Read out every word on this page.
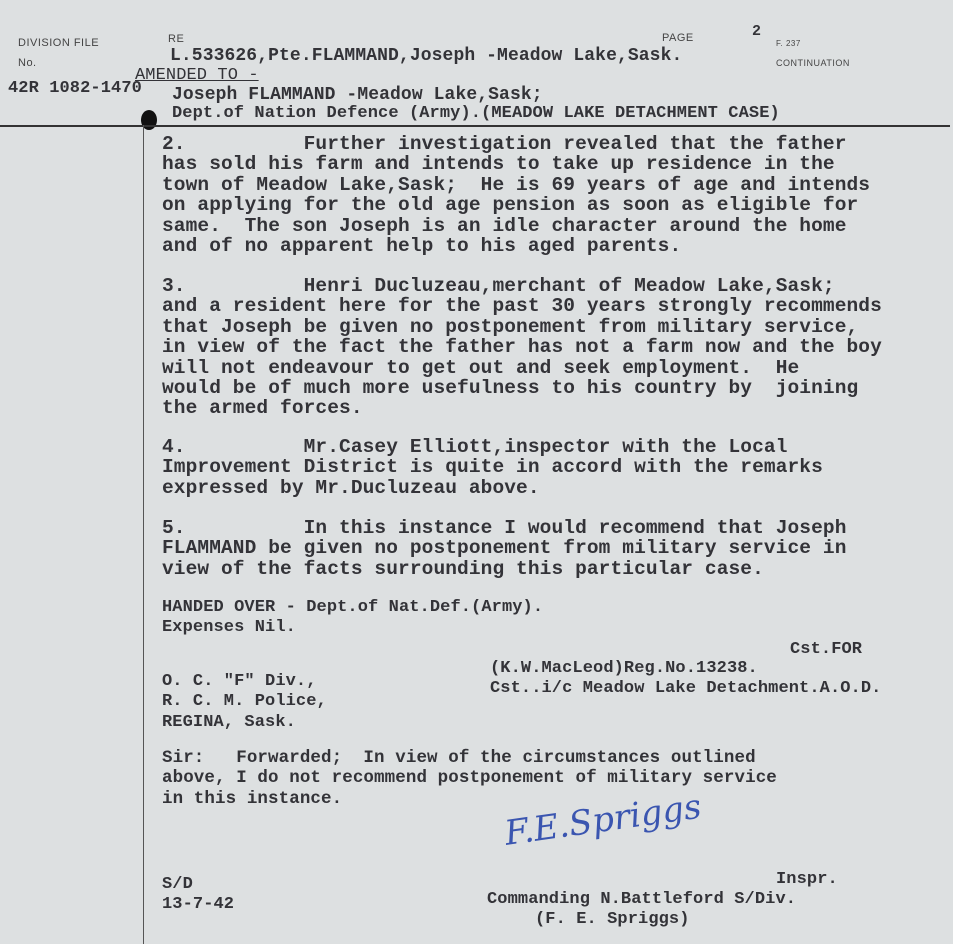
DIVISION FILE
No.
RE	PAGE	2
F. 237
CONTINUATION
L.533626,Pte.FLAMMAND,Joseph -Meadow Lake,Sask.
AMENDED TO -
42R 1082-1470 Joseph FLAMMAND -Meadow Lake,Sask;
Dept.of Nation Defence (Army).(MEADOW LAKE DETACHMENT CASE)
2.          Further investigation revealed that the father
has sold his farm and intends to take up residence in the
town of Meadow Lake,Sask;  He is 69 years of age and intends
on applying for the old age pension as soon as eligible for
same.  The son Joseph is an idle character around the home
and of no apparent help to his aged parents.
3.          Henri Ducluzeau,merchant of Meadow Lake,Sask;
and a resident here for the past 30 years strongly recommends
that Joseph be given no postponement from military service,
in view of the fact the father has not a farm now and the boy
will not endeavour to get out and seek employment.  He
would be of much more usefulness to his country by  joining
the armed forces.
4.          Mr.Casey Elliott,inspector with the Local
Improvement District is quite in accord with the remarks
expressed by Mr.Ducluzeau above.
5.          In this instance I would recommend that Joseph
FLAMMAND be given no postponement from military service in
view of the facts surrounding this particular case.
HANDED OVER - Dept.of Nat.Def.(Army).
Expenses Nil.
Cst.FOR
(K.W.MacLeod)Reg.No.13238.
Cst..i/c Meadow Lake Detachment.A.O.D.
O. C. "F" Div.,
R. C. M. Police,
REGINA, Sask.
Sir:   Forwarded;  In view of the circumstances outlined
above, I do not recommend postponement of military service
in this instance.	F.E.Spriggs
S/D
13-7-42
Inspr.
Commanding N.Battleford S/Div.
(F. E. Spriggs)
